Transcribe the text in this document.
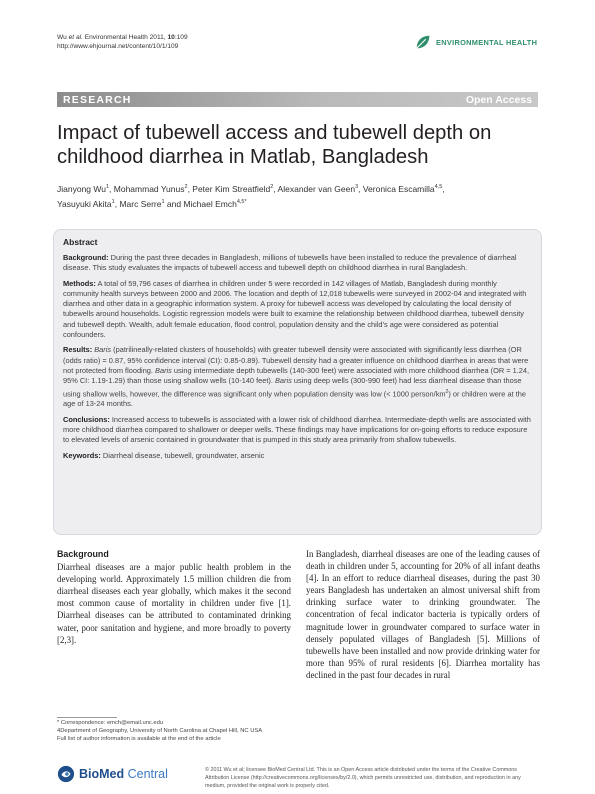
Wu et al. Environmental Health 2011, 10:109
http://www.ehjournal.net/content/10/1/109	ENVIRONMENTAL HEALTH
RESEARCH	Open Access
Impact of tubewell access and tubewell depth on childhood diarrhea in Matlab, Bangladesh
Jianyong Wu$^1$, Mohammad Yunus$^2$, Peter Kim Streatfield$^2$, Alexander van Geen$^3$, Veronica Escamilla$^{4,5}$,
Yasuyuki Akita$^1$, Marc Serre$^1$ and Michael Emch$^{4,5*}$
Abstract

Background: During the past three decades in Bangladesh, millions of tubewells have been installed to reduce the prevalence of diarrheal disease. This study evaluates the impacts of tubewell access and tubewell depth on childhood diarrhea in rural Bangladesh.

Methods: A total of 59,796 cases of diarrhea in children under 5 were recorded in 142 villages of Matlab, Bangladesh during monthly community health surveys between 2000 and 2006. The location and depth of 12,018 tubewells were surveyed in 2002-04 and integrated with diarrhea and other data in a geographic information system. A proxy for tubewell access was developed by calculating the local density of tubewells around households. Logistic regression models were built to examine the relationship between childhood diarrhea, tubewell density and tubewell depth. Wealth, adult female education, flood control, population density and the child’s age were considered as potential confounders.

Results: Baris (patrilineally-related clusters of households) with greater tubewell density were associated with significantly less diarrhea (OR (odds ratio) = 0.87, 95% confidence interval (CI): 0.85-0.89). Tubewell density had a greater influence on childhood diarrhea in areas that were not protected from flooding. Baris using intermediate depth tubewells (140-300 feet) were associated with more childhood diarrhea (OR = 1.24, 95% CI: 1.19-1.29) than those using shallow wells (10-140 feet). Baris using deep wells (300-990 feet) had less diarrheal disease than those using shallow wells, however, the difference was significant only when population density was low (< 1000 person/$km^2$) or children were at the age of 13-24 months.

Conclusions: Increased access to tubewells is associated with a lower risk of childhood diarrhea. Intermediate-depth wells are associated with more childhood diarrhea compared to shallower or deeper wells. These findings may have implications for on-going efforts to reduce exposure to elevated levels of arsenic contained in groundwater that is pumped in this study area primarily from shallow tubewells.

Keywords: Diarrheal disease, tubewell, groundwater, arsenic

Background

Diarrheal diseases are a major public health problem in the developing world. Approximately 1.5 million children die from diarrheal diseases each year globally, which makes it the second most common cause of mortality in children under five [1]. Diarrheal diseases can be attributed to contaminated drinking water, poor sanitation and hygiene, and more broadly to poverty [2,3].

In Bangladesh, diarrheal diseases are one of the leading causes of death in children under 5, accounting for 20% of all infant deaths [4]. In an effort to reduce diarrheal diseases, during the past 30 years Bangladesh has undertaken an almost universal shift from drinking surface water to drinking groundwater. The concentration of fecal indicator bacteria is typically orders of magnitude lower in groundwater compared to surface water in densely populated villages of Bangladesh [5]. Millions of tubewells have been installed and now provide drinking water for more than 95% of rural residents [6]. Diarrhea mortality has declined in the past four decades in rural

* Correspondence: emch@email.unc.edu
4Department of Geography, University of North Carolina at Chapel Hill, NC USA
Full list of author information is available at the end of the article
BioMed Central	© 2011 Wu et al; licensee BioMed Central Ltd. This is an Open Access article distributed under the terms of the Creative Commons Attribution License (http://creativecommons.org/licenses/by/2.0), which permits unrestricted use, distribution, and reproduction in any medium, provided the original work is properly cited.
